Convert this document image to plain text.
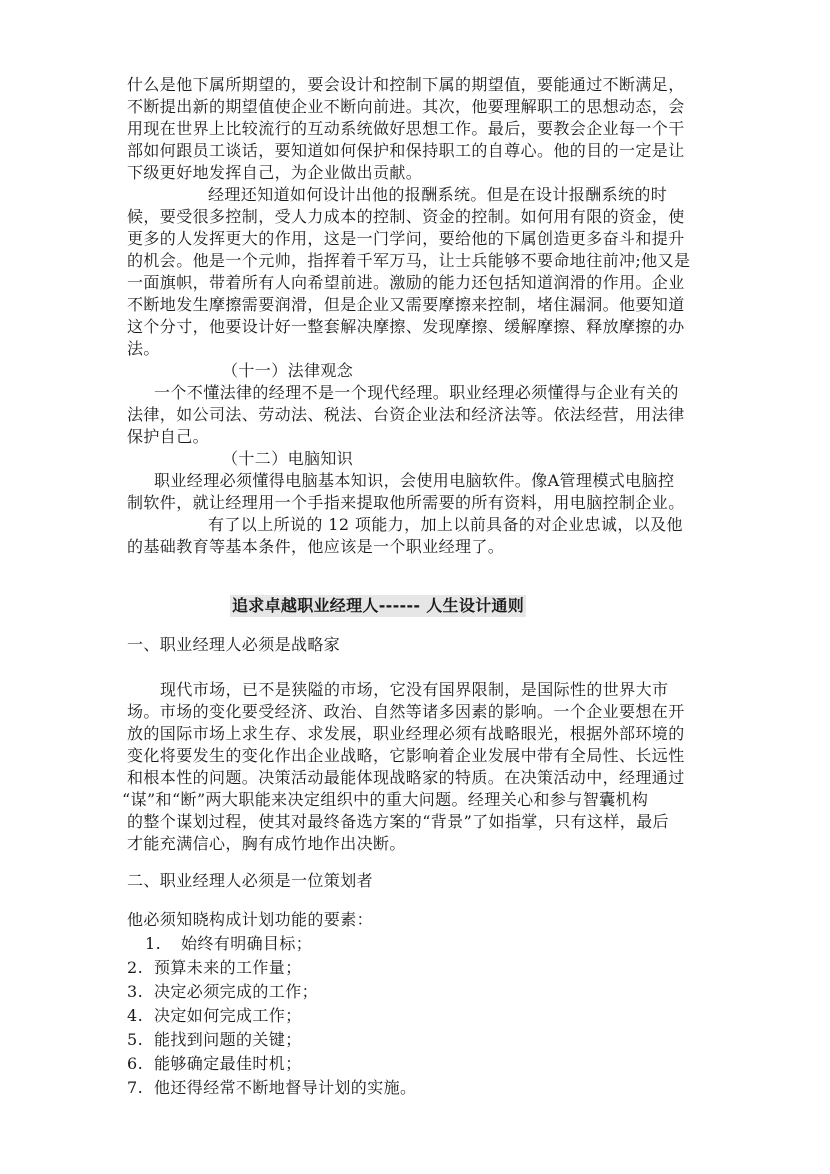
什么是他下属所期望的，要会设计和控制下属的期望值，要能通过不断满足，
不断提出新的期望值使企业不断向前进。其次，他要理解职工的思想动态，会
用现在世界上比较流行的互动系统做好思想工作。最后，要教会企业每一个干
部如何跟员工谈话，要知道如何保护和保持职工的自尊心。他的目的一定是让
下级更好地发挥自己，为企业做出贡献。
经理还知道如何设计出他的报酬系统。但是在设计报酬系统的时
候，要受很多控制，受人力成本的控制、资金的控制。如何用有限的资金，使
更多的人发挥更大的作用，这是一门学问，要给他的下属创造更多奋斗和提升
的机会。他是一个元帅，指挥着千军万马，让士兵能够不要命地往前冲;他又是
一面旗帜，带着所有人向希望前进。激励的能力还包括知道润滑的作用。企业
不断地发生摩擦需要润滑，但是企业又需要摩擦来控制，堵住漏洞。他要知道
这个分寸，他要设计好一整套解决摩擦、发现摩擦、缓解摩擦、释放摩擦的办
法。
（十一）法律观念
一个不懂法律的经理不是一个现代经理。职业经理必须懂得与企业有关的
法律，如公司法、劳动法、税法、台资企业法和经济法等。依法经营，用法律
保护自己。
（十二）电脑知识
职业经理必须懂得电脑基本知识，会使用电脑软件。像A管理模式电脑控
制软件，就让经理用一个手指来提取他所需要的所有资料，用电脑控制企业。
有了以上所说的 12 项能力，加上以前具备的对企业忠诚，以及他
的基础教育等基本条件，他应该是一个职业经理了。
追求卓越职业经理人------ 人生设计通则
一、职业经理人必须是战略家
现代市场，已不是狭隘的市场，它没有国界限制，是国际性的世界大市
场。市场的变化要受经济、政治、自然等诸多因素的影响。一个企业要想在开
放的国际市场上求生存、求发展，职业经理必须有战略眼光，根据外部环境的
变化将要发生的变化作出企业战略，它影响着企业发展中带有全局性、长远性
和根本性的问题。决策活动最能体现战略家的特质。在决策活动中，经理通过
“谋”和“断”两大职能来决定组织中的重大问题。经理关心和参与智囊机构
的整个谋划过程，使其对最终备选方案的“背景”了如指掌，只有这样，最后
才能充满信心，胸有成竹地作出决断。
二、职业经理人必须是一位策划者
他必须知晓构成计划功能的要素：
1. 始终有明确目标；
2. 预算未来的工作量；
3. 决定必须完成的工作；
4. 决定如何完成工作；
5. 能找到问题的关键；
6. 能够确定最佳时机；
7. 他还得经常不断地督导计划的实施。
